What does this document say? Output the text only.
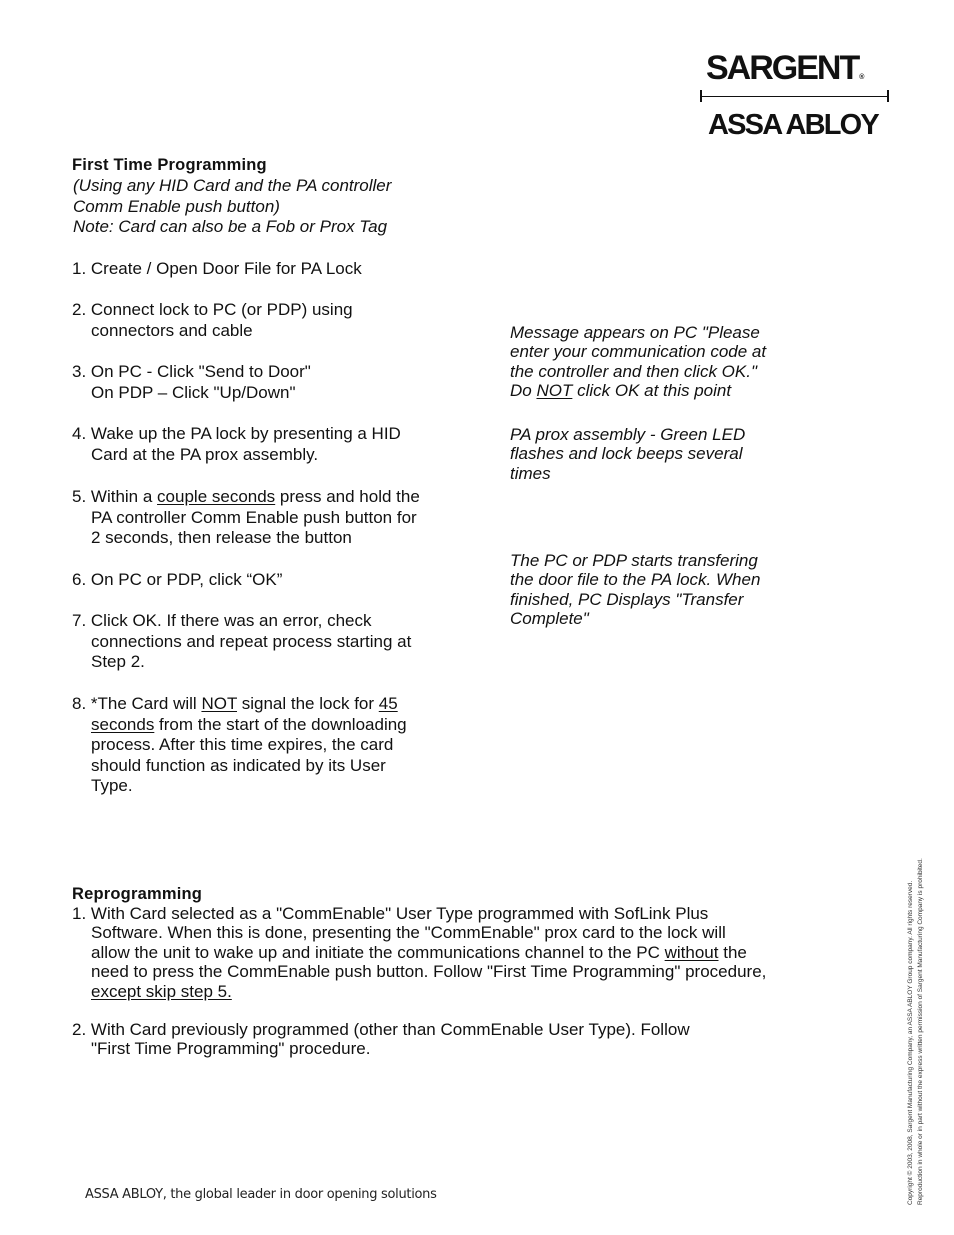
SARGENT®
ASSA ABLOY
First Time Programming
(Using any HID Card and the PA controller
Comm Enable push button)
Note: Card can also be a Fob or Prox Tag
1. Create / Open Door File for PA Lock
2. Connect lock to PC (or PDP) using
connectors and cable
3. On PC - Click "Send to Door"
On PDP – Click "Up/Down"
4. Wake up the PA lock by presenting a HID
Card at the PA prox assembly.
5. Within a couple seconds press and hold the
PA controller Comm Enable push button for
2 seconds, then release the button
6. On PC or PDP, click “OK”
7. Click OK. If there was an error, check
connections and repeat process starting at
Step 2.
8. *The Card will NOT signal the lock for 45
seconds from the start of the downloading
process. After this time expires, the card
should function as indicated by its User
Type.
Message appears on PC "Please
enter your communication code at
the controller and then click OK."
Do NOT click OK at this point
PA prox assembly - Green LED
flashes and lock beeps several
times
The PC or PDP starts transfering
the door file to the PA lock. When
finished, PC Displays "Transfer
Complete"
Reprogramming
1. With Card selected as a "CommEnable" User Type programmed with SofLink Plus
Software. When this is done, presenting the "CommEnable" prox card to the lock will
allow the unit to wake up and initiate the communications channel to the PC without the
need to press the CommEnable push button. Follow "First Time Programming" procedure,
except skip step 5.
2. With Card previously programmed (other than CommEnable User Type). Follow
"First Time Programming" procedure.
ASSA ABLOY, the global leader in door opening solutions	Copyright © 2003, 2008, Sargent Manufacturing Company, an ASSA ABLOY Group company. All rights reserved. Reproduction in whole or in part without the express written permission of Sargent Manufacturing Company is prohibited.
